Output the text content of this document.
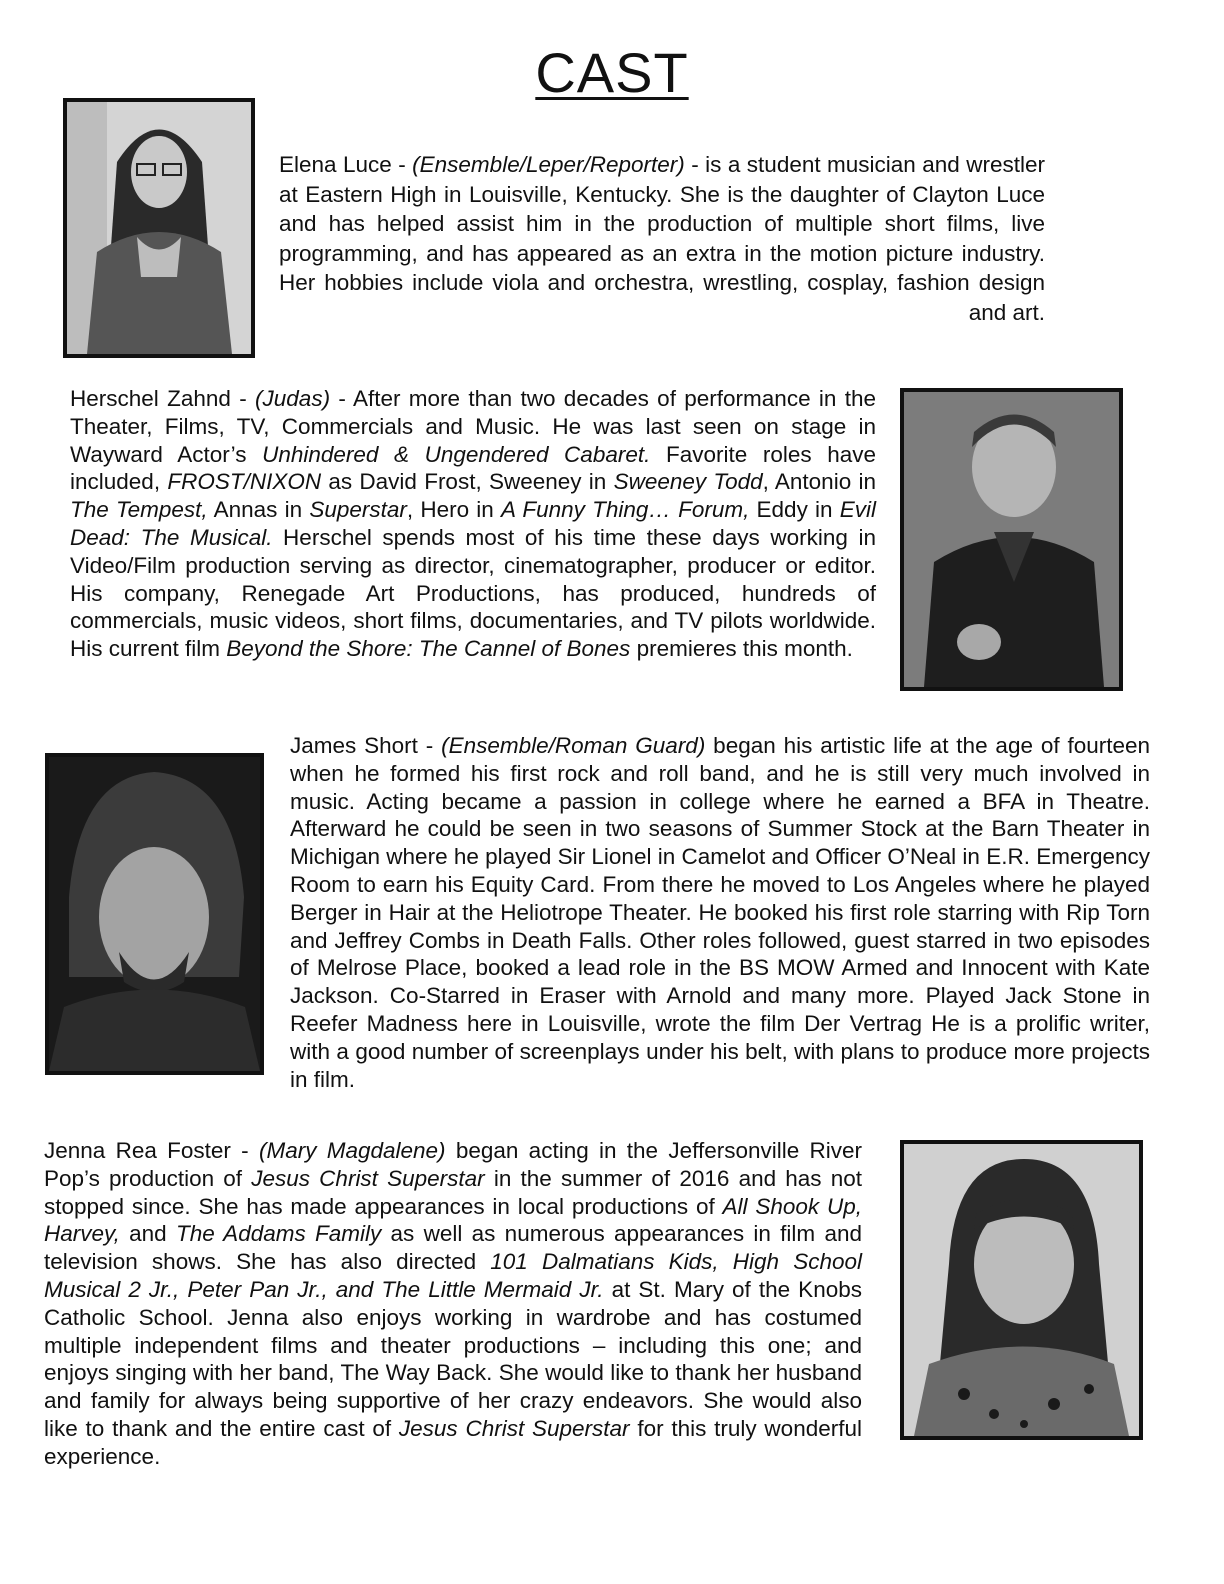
CAST

Elena Luce - (Ensemble/Leper/Reporter) - is a student musician and wrestler at Eastern High in Louisville, Kentucky. She is the daughter of Clayton Luce and has helped assist him in the production of multiple short films, live programming, and has appeared as an extra in the motion picture industry. Her hobbies include viola and orchestra, wrestling, cosplay, fashion design and art.

Herschel Zahnd - (Judas) - After more than two decades of performance in the Theater, Films, TV, Commercials and Music. He was last seen on stage in Wayward Actor’s Unhindered & Ungendered Cabaret. Favorite roles have included, FROST/NIXON as David Frost, Sweeney in Sweeney Todd, Antonio in The Tempest, Annas in Superstar, Hero in A Funny Thing… Forum, Eddy in Evil Dead: The Musical. Herschel spends most of his time these days working in Video/Film production serving as director, cinematographer, producer or editor. His company, Renegade Art Productions, has produced, hundreds of commercials, music videos, short films, documentaries, and TV pilots worldwide. His current film Beyond the Shore: The Cannel of Bones premieres this month.

James Short - (Ensemble/Roman Guard) began his artistic life at the age of fourteen when he formed his first rock and roll band, and he is still very much involved in music. Acting became a passion in college where he earned a BFA in Theatre. Afterward he could be seen in two seasons of Summer Stock at the Barn Theater in Michigan where he played Sir Lionel in Camelot and Officer O’Neal in E.R. Emergency Room to earn his Equity Card. From there he moved to Los Angeles where he played Berger in Hair at the Heliotrope Theater. He booked his first role starring with Rip Torn and Jeffrey Combs in Death Falls. Other roles followed, guest starred in two episodes of Melrose Place, booked a lead role in the BS MOW Armed and Innocent with Kate Jackson. Co-Starred in Eraser with Arnold and many more. Played Jack Stone in Reefer Madness here in Louisville, wrote the film Der Vertrag He is a prolific writer, with a good number of screenplays under his belt, with plans to produce more projects in film.

Jenna Rea Foster - (Mary Magdalene) began acting in the Jeffersonville River Pop’s production of Jesus Christ Superstar in the summer of 2016 and has not stopped since. She has made appearances in local productions of All Shook Up, Harvey, and The Addams Family as well as numerous appearances in film and television shows. She has also directed 101 Dalmatians Kids, High School Musical 2 Jr., Peter Pan Jr., and The Little Mermaid Jr. at St. Mary of the Knobs Catholic School. Jenna also enjoys working in wardrobe and has costumed multiple independent films and theater productions – including this one; and enjoys singing with her band, The Way Back. She would like to thank her husband and family for always being supportive of her crazy endeavors. She would also like to thank and the entire cast of Jesus Christ Superstar for this truly wonderful experience.
